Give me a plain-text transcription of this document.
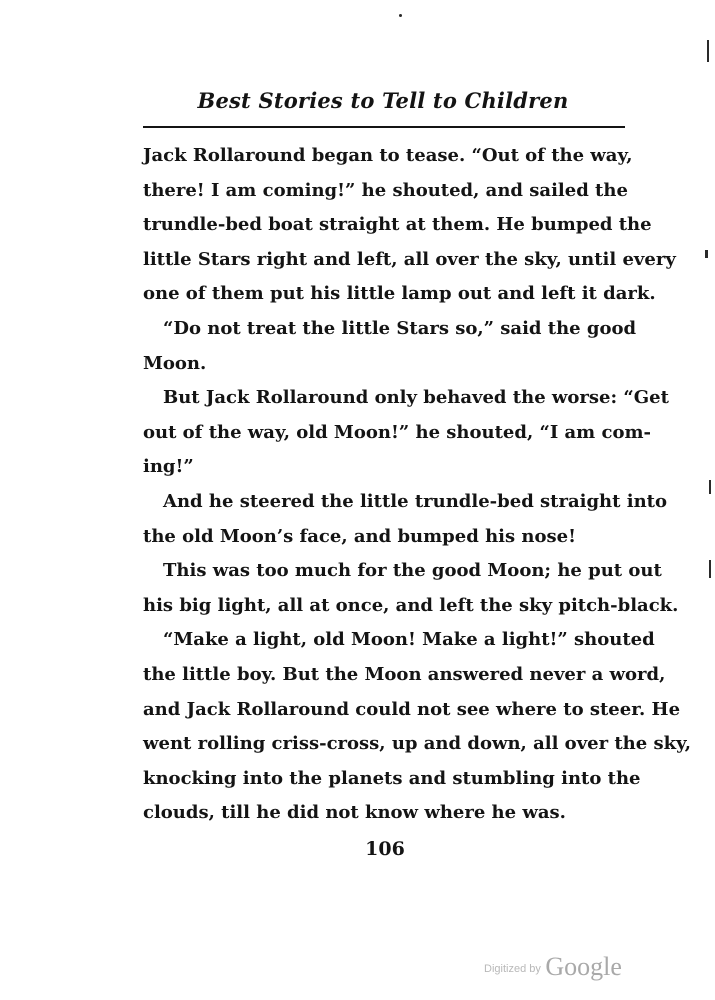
Best Stories to Tell to Children
Jack Rollaround began to tease. “Out of the way,
there! I am coming!” he shouted, and sailed the
trundle-bed boat straight at them. He bumped the
little Stars right and left, all over the sky, until every
one of them put his little lamp out and left it dark.
“Do not treat the little Stars so,” said the good
Moon.
But Jack Rollaround only behaved the worse: “Get
out of the way, old Moon!” he shouted, “I am com-
ing!”
And he steered the little trundle-bed straight into
the old Moon’s face, and bumped his nose!
This was too much for the good Moon; he put out
his big light, all at once, and left the sky pitch-black.
“Make a light, old Moon! Make a light!” shouted
the little boy. But the Moon answered never a word,
and Jack Rollaround could not see where to steer. He
went rolling criss-cross, up and down, all over the sky,
knocking into the planets and stumbling into the
clouds, till he did not know where he was.
106
Digitized by Google
